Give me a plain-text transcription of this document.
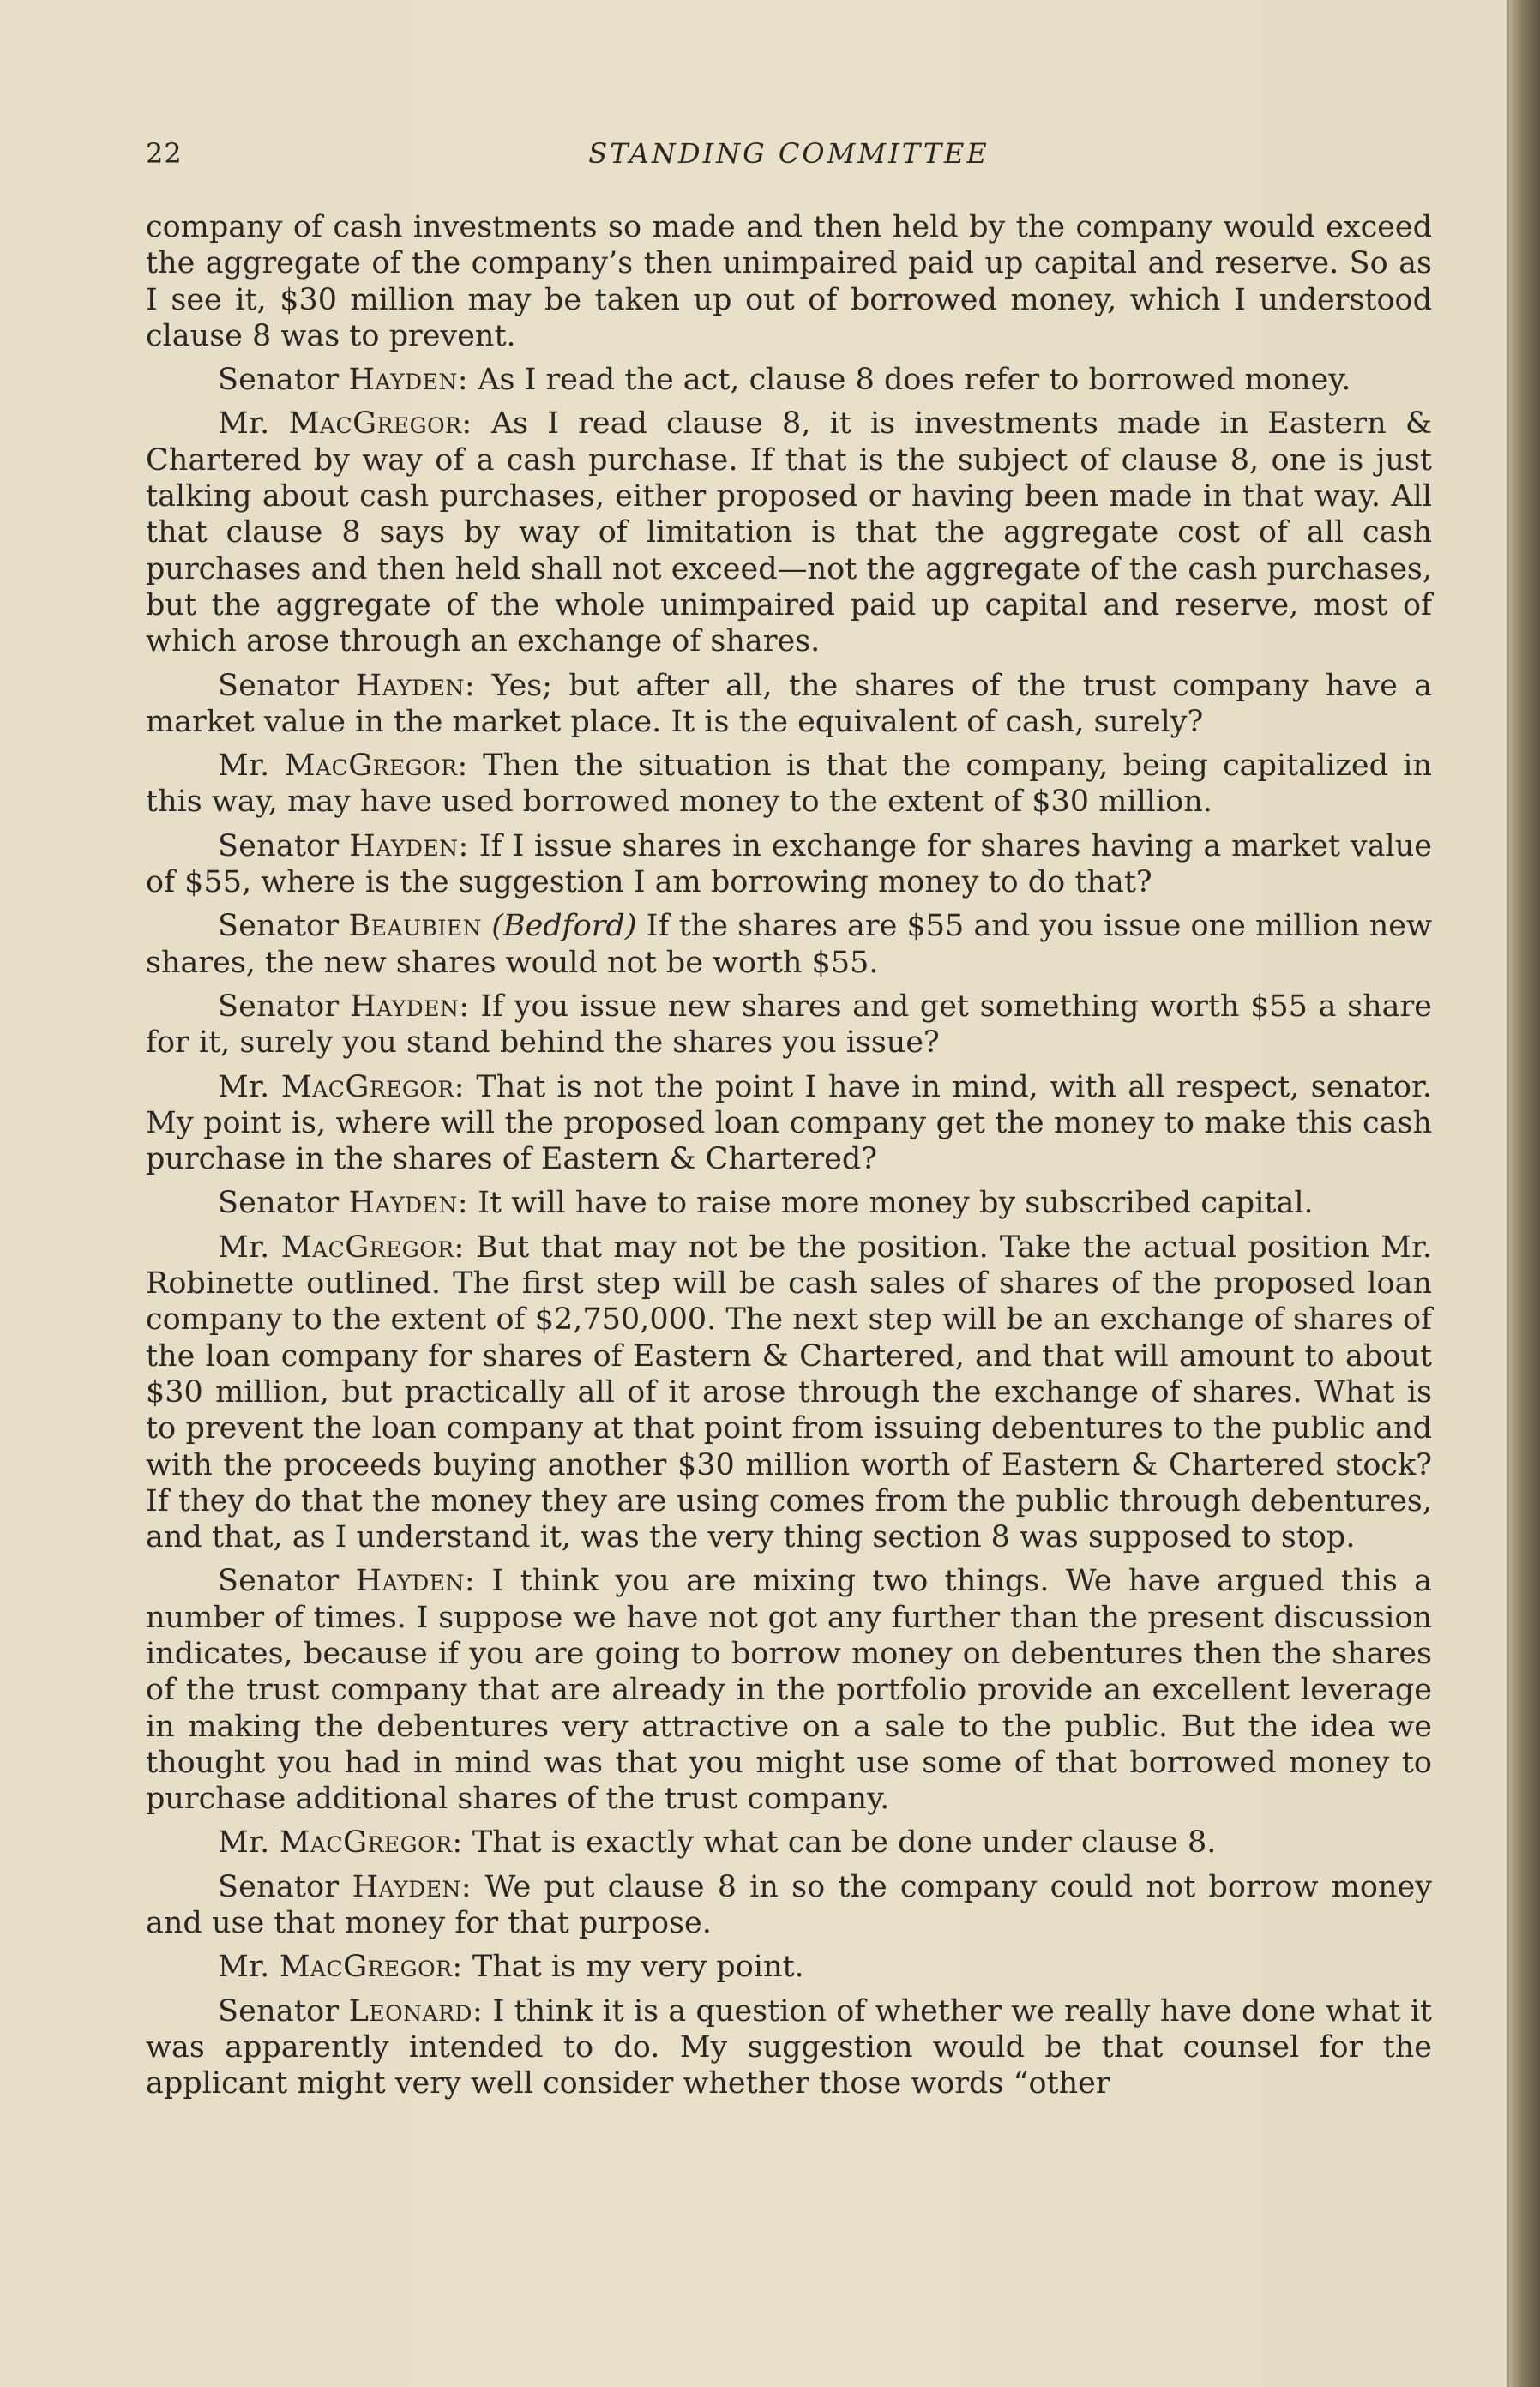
22	STANDING COMMITTEE

company of cash investments so made and then held by the company would exceed the aggregate of the company’s then unimpaired paid up capital and reserve. So as I see it, $30 million may be taken up out of borrowed money, which I understood clause 8 was to prevent.

Senator Hayden: As I read the act, clause 8 does refer to borrowed money.

Mr. MacGregor: As I read clause 8, it is investments made in Eastern & Chartered by way of a cash purchase. If that is the subject of clause 8, one is just talking about cash purchases, either proposed or having been made in that way. All that clause 8 says by way of limitation is that the aggregate cost of all cash purchases and then held shall not exceed—not the aggregate of the cash purchases, but the aggregate of the whole unimpaired paid up capital and reserve, most of which arose through an exchange of shares.

Senator Hayden: Yes; but after all, the shares of the trust company have a market value in the market place. It is the equivalent of cash, surely?

Mr. MacGregor: Then the situation is that the company, being capitalized in this way, may have used borrowed money to the extent of $30 million.

Senator Hayden: If I issue shares in exchange for shares having a market value of $55, where is the suggestion I am borrowing money to do that?

Senator Beaubien (Bedford) If the shares are $55 and you issue one million new shares, the new shares would not be worth $55.

Senator Hayden: If you issue new shares and get something worth $55 a share for it, surely you stand behind the shares you issue?

Mr. MacGregor: That is not the point I have in mind, with all respect, senator. My point is, where will the proposed loan company get the money to make this cash purchase in the shares of Eastern & Chartered?

Senator Hayden: It will have to raise more money by subscribed capital.

Mr. MacGregor: But that may not be the position. Take the actual position Mr. Robinette outlined. The first step will be cash sales of shares of the proposed loan company to the extent of $2,750,000. The next step will be an exchange of shares of the loan company for shares of Eastern & Chartered, and that will amount to about $30 million, but practically all of it arose through the exchange of shares. What is to prevent the loan company at that point from issuing debentures to the public and with the proceeds buying another $30 million worth of Eastern & Chartered stock? If they do that the money they are using comes from the public through debentures, and that, as I understand it, was the very thing section 8 was supposed to stop.

Senator Hayden: I think you are mixing two things. We have argued this a number of times. I suppose we have not got any further than the present discussion indicates, because if you are going to borrow money on debentures then the shares of the trust company that are already in the portfolio provide an excellent leverage in making the debentures very attractive on a sale to the public. But the idea we thought you had in mind was that you might use some of that borrowed money to purchase additional shares of the trust company.

Mr. MacGregor: That is exactly what can be done under clause 8.

Senator Hayden: We put clause 8 in so the company could not borrow money and use that money for that purpose.

Mr. MacGregor: That is my very point.

Senator Leonard: I think it is a question of whether we really have done what it was apparently intended to do. My suggestion would be that counsel for the applicant might very well consider whether those words “other
